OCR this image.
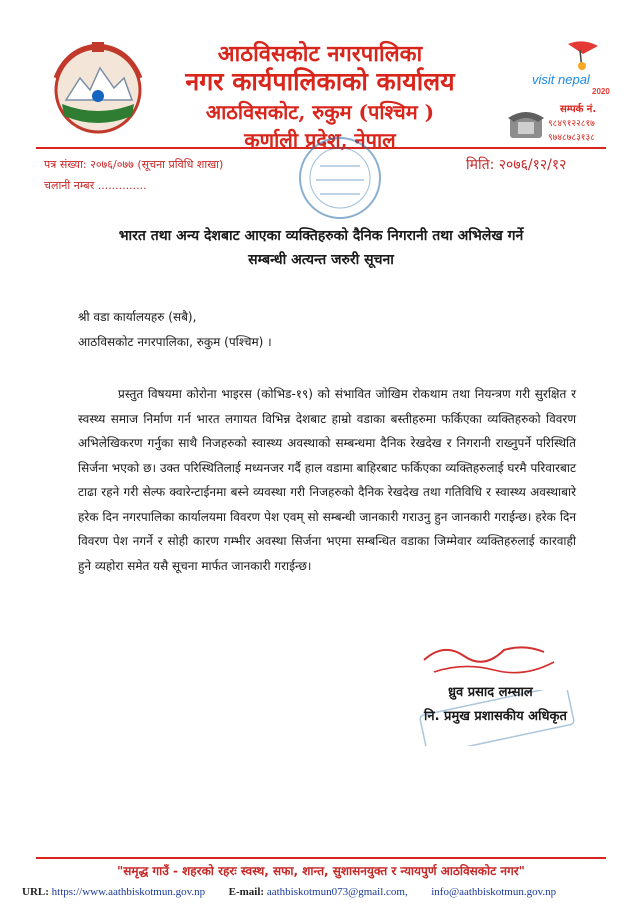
आठविसकोट नगरपालिका
नगर कार्यपालिकाको कार्यालय
आठविसकोट, रुकुम (पश्चिम )
कर्णाली प्रदेश, नेपाल
visit nepal
2020
सम्पर्क नं.
९८४९१२२८१७
९७४८७८३१३८
पत्र संख्या: २०७६/०७७ (सूचना प्रविधि शाखा)
चलानी नम्बर ..............
मिति: २०७६/१२/१२
भारत तथा अन्य देशबाट आएका व्यक्तिहरुको दैनिक निगरानी तथा अभिलेख गर्ने
सम्बन्धी अत्यन्त जरुरी सूचना
श्री वडा कार्यालयहरु (सबै),
आठविसकोट नगरपालिका, रुकुम (पश्चिम) ।
प्रस्तुत विषयमा कोरोना भाइरस (कोभिड-१९) को संभावित जोखिम रोकथाम तथा नियन्त्रण गरी सुरक्षित र स्वस्थ्य समाज निर्माण गर्न भारत लगायत विभिन्न देशबाट हाम्रो वडाका बस्तीहरुमा फर्किएका व्यक्तिहरुको विवरण अभिलेखिकरण गर्नुका साथै निजहरुको स्वास्थ्य अवस्थाको सम्बन्धमा दैनिक रेखदेख र निगरानी राख्नुपर्ने परिस्थिति सिर्जना भएको छ। उक्त परिस्थितिलाई मध्यनजर गर्दै हाल वडामा बाहिरबाट फर्किएका व्यक्तिहरुलाई घरमै परिवारबाट टाढा रहने गरी सेल्फ क्वारेन्टाईनमा बस्ने व्यवस्था गरी निजहरुको दैनिक रेखदेख तथा गतिविधि र स्वास्थ्य अवस्थाबारे हरेक दिन नगरपालिका कार्यालयमा विवरण पेश एवम् सो सम्बन्धी जानकारी गराउनु हुन जानकारी गराईन्छ। हरेक दिन विवरण पेश नगर्ने र सोही कारण गम्भीर अवस्था सिर्जना भएमा सम्बन्धित वडाका जिम्मेवार व्यक्तिहरुलाई कारवाही हुने व्यहोरा समेत यसै सूचना मार्फत जानकारी गराईन्छ।
ध्रुव प्रसाद लम्साल
नि. प्रमुख प्रशासकीय अधिकृत
"समृद्ध गाउँ - शहरको रहरः स्वस्थ, सफा, शान्त, सुशासनयुक्त र न्यायपुर्ण आठविसकोट नगर"
URL: https://www.aathbiskotmun.gov.np E-mail: aathbiskotmun073@gmail.com, info@aathbiskotmun.gov.np
